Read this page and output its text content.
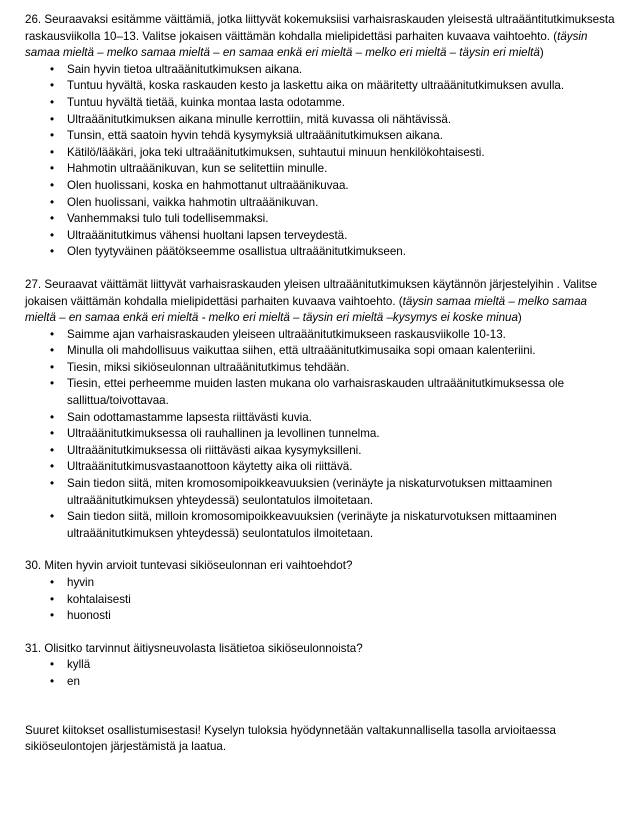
26. Seuraavaksi esitämme väittämiä, jotka liittyvät kokemuksiisi varhaisraskauden yleisestä ultraääntitutkimuksesta raskausviikolla 10–13. Valitse jokaisen väittämän kohdalla mielipidettäsi parhaiten kuvaava vaihtoehto. (täysin samaa mieltä – melko samaa mieltä – en samaa enkä eri mieltä – melko eri mieltä – täysin eri mieltä)

• Sain hyvin tietoa ultraäänitutkimuksen aikana.
• Tuntuu hyvältä, koska raskauden kesto ja laskettu aika on määritetty ultraäänitutkimuksen avulla.
• Tuntuu hyvältä tietää, kuinka montaa lasta odotamme.
• Ultraäänitutkimuksen aikana minulle kerrottiin, mitä kuvassa oli nähtävissä.
• Tunsin, että saatoin hyvin tehdä kysymyksiä ultraäänitutkimuksen aikana.
• Kätilö/lääkäri, joka teki ultraäänitutkimuksen, suhtautui minuun henkilökohtaisesti.
• Hahmotin ultraäänikuvan, kun se selitettiin minulle.
• Olen huolissani, koska en hahmottanut ultraäänikuvaa.
• Olen huolissani, vaikka hahmotin ultraäänikuvan.
• Vanhemmaksi tulo tuli todellisemmaksi.
• Ultraäänitutkimus vähensi huoltani lapsen terveydestä.
• Olen tyytyväinen päätökseemme osallistua ultraäänitutkimukseen.

27. Seuraavat väittämät liittyvät varhaisraskauden yleisen ultraäänitutkimuksen käytännön järjestelyihin . Valitse jokaisen väittämän kohdalla mielipidettäsi parhaiten kuvaava vaihtoehto. (täysin samaa mieltä – melko samaa mieltä – en samaa enkä eri mieltä - melko eri mieltä – täysin eri mieltä –kysymys ei koske minua)

• Saimme ajan varhaisraskauden yleiseen ultraäänitutkimukseen raskausviikolle 10-13.
• Minulla oli mahdollisuus vaikuttaa siihen, että ultraäänitutkimusaika sopi omaan kalenteriini.
• Tiesin, miksi sikiöseulonnan ultraäänitutkimus tehdään.
• Tiesin, ettei perheemme muiden lasten mukana olo varhaisraskauden ultraäänitutkimuksessa ole sallittua/toivottavaa.
• Sain odottamastamme lapsesta riittävästi kuvia.
• Ultraäänitutkimuksessa oli rauhallinen ja levollinen tunnelma.
• Ultraäänitutkimuksessa oli riittävästi aikaa kysymyksilleni.
• Ultraäänitutkimusvastaanottoon käytetty aika oli riittävä.
• Sain tiedon siitä, miten kromosomipoikkeavuuksien (verinäyte ja niskaturvotuksen mittaaminen ultraäänitutkimuksen yhteydessä) seulontatulos ilmoitetaan.
• Sain tiedon siitä, milloin kromosomipoikkeavuuksien (verinäyte ja niskaturvotuksen mittaaminen ultraäänitutkimuksen yhteydessä) seulontatulos ilmoitetaan.

30. Miten hyvin arvioit tuntevasi sikiöseulonnan eri vaihtoehdot?

• hyvin
• kohtalaisesti
• huonosti

31. Olisitko tarvinnut äitiysneuvolasta lisätietoa sikiöseulonnoista?

• kyllä
• en

Suuret kiitokset osallistumisestasi! Kyselyn tuloksia hyödynnetään valtakunnallisella tasolla arvioitaessa sikiöseulontojen järjestämistä ja laatua.
